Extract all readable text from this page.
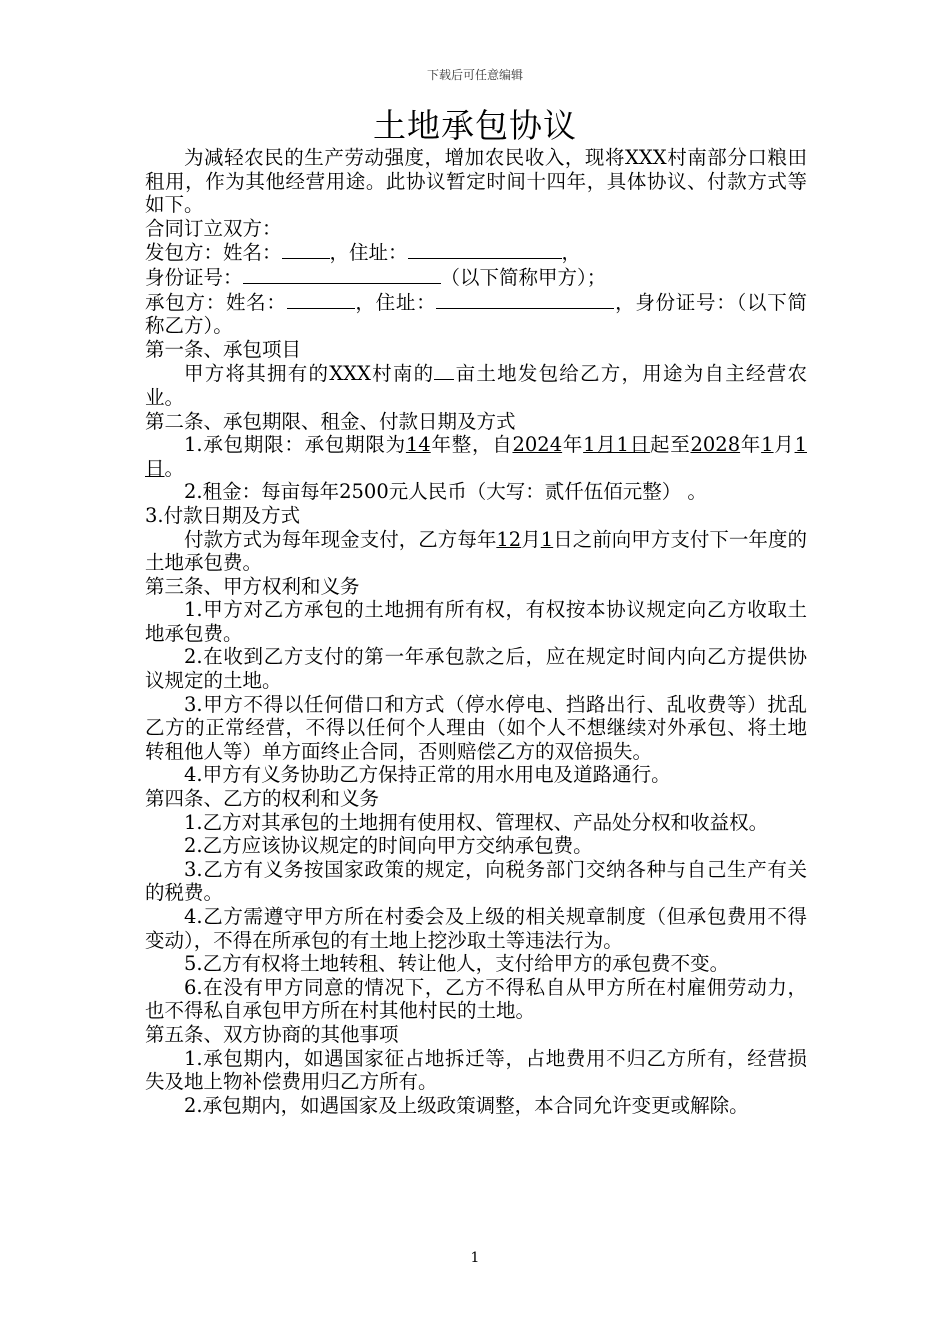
下载后可任意编辑
土地承包协议

为减轻农民的生产劳动强度，增加农民收入，现将XXX村南部分口粮田租用，作为其他经营用途。此协议暂定时间十四年，具体协议、付款方式等如下。

合同订立双方：

发包方：姓名： ，住址：	，

身份证号：	（以下简称甲方）；

承包方：姓名：	，住址：	，身份证号：（以下简称乙方）。

第一条、承包项目

甲方将其拥有的XXX村南的 亩土地发包给乙方，用途为自主经营农业。

第二条、承包期限、租金、付款日期及方式

1.承包期限：承包期限为14年整，自2024年1月1日起至2028年1月1日。

2.租金：每亩每年2500元人民币（大写：贰仟伍佰元整） 。

3.付款日期及方式

付款方式为每年现金支付，乙方每年12月1日之前向甲方支付下一年度的土地承包费。

第三条、甲方权利和义务

1.甲方对乙方承包的土地拥有所有权，有权按本协议规定向乙方收取土地承包费。

2.在收到乙方支付的第一年承包款之后，应在规定时间内向乙方提供协议规定的土地。

3.甲方不得以任何借口和方式（停水停电、挡路出行、乱收费等）扰乱乙方的正常经营，不得以任何个人理由（如个人不想继续对外承包、将土地转租他人等）单方面终止合同，否则赔偿乙方的双倍损失。

4.甲方有义务协助乙方保持正常的用水用电及道路通行。

第四条、乙方的权利和义务

1.乙方对其承包的土地拥有使用权、管理权、产品处分权和收益权。

2.乙方应该协议规定的时间向甲方交纳承包费。

3.乙方有义务按国家政策的规定，向税务部门交纳各种与自己生产有关的税费。

4.乙方需遵守甲方所在村委会及上级的相关规章制度（但承包费用不得变动），不得在所承包的有土地上挖沙取土等违法行为。

5.乙方有权将土地转租、转让他人，支付给甲方的承包费不变。

6.在没有甲方同意的情况下，乙方不得私自从甲方所在村雇佣劳动力，也不得私自承包甲方所在村其他村民的土地。

第五条、双方协商的其他事项

1.承包期内，如遇国家征占地拆迁等，占地费用不归乙方所有，经营损失及地上物补偿费用归乙方所有。

2.承包期内，如遇国家及上级政策调整，本合同允许变更或解除。

1
